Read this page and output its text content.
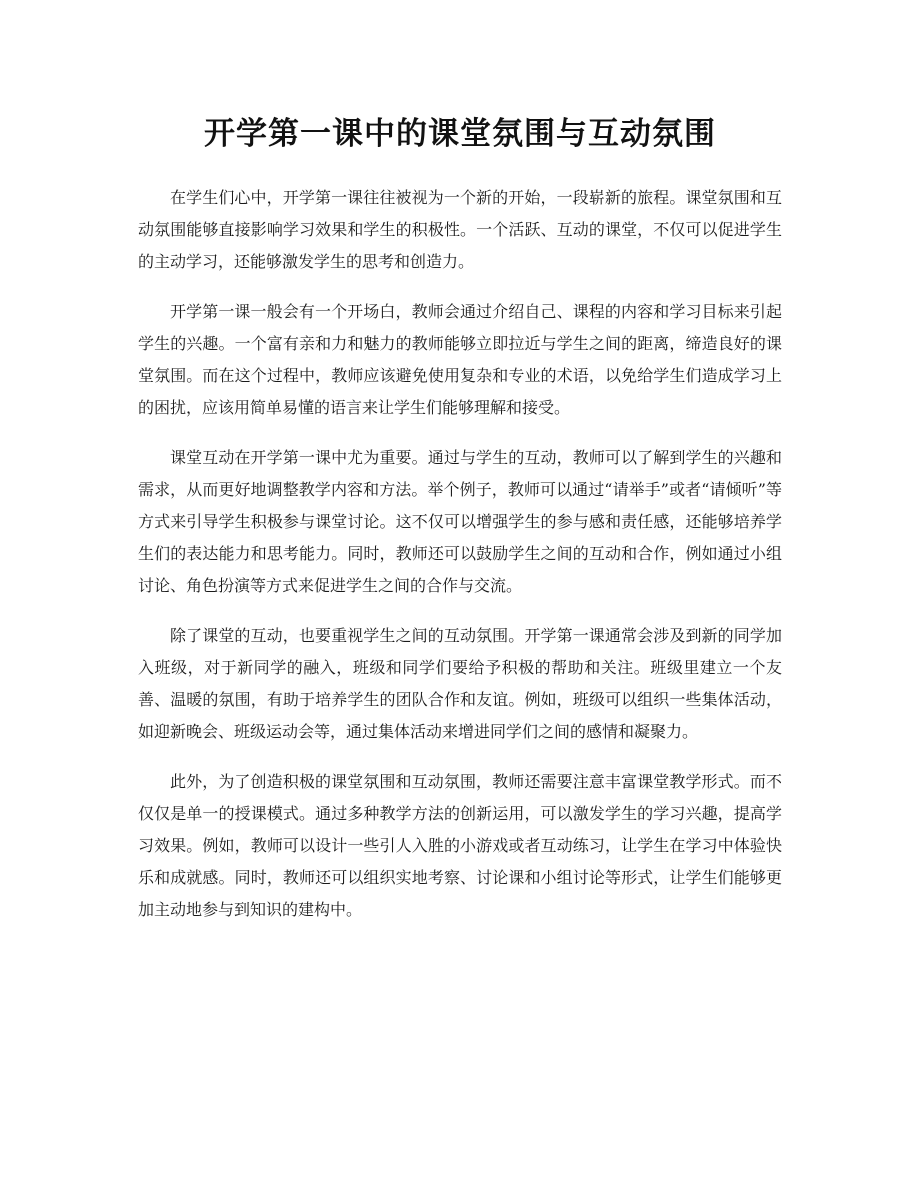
开学第一课中的课堂氛围与互动氛围

在学生们心中，开学第一课往往被视为一个新的开始，一段崭新的旅程。课堂氛围和互动氛围能够直接影响学习效果和学生的积极性。一个活跃、互动的课堂，不仅可以促进学生的主动学习，还能够激发学生的思考和创造力。

开学第一课一般会有一个开场白，教师会通过介绍自己、课程的内容和学习目标来引起学生的兴趣。一个富有亲和力和魅力的教师能够立即拉近与学生之间的距离，缔造良好的课堂氛围。而在这个过程中，教师应该避免使用复杂和专业的术语，以免给学生们造成学习上的困扰，应该用简单易懂的语言来让学生们能够理解和接受。

课堂互动在开学第一课中尤为重要。通过与学生的互动，教师可以了解到学生的兴趣和需求，从而更好地调整教学内容和方法。举个例子，教师可以通过“请举手”或者“请倾听”等方式来引导学生积极参与课堂讨论。这不仅可以增强学生的参与感和责任感，还能够培养学生们的表达能力和思考能力。同时，教师还可以鼓励学生之间的互动和合作，例如通过小组讨论、角色扮演等方式来促进学生之间的合作与交流。

除了课堂的互动，也要重视学生之间的互动氛围。开学第一课通常会涉及到新的同学加入班级，对于新同学的融入，班级和同学们要给予积极的帮助和关注。班级里建立一个友善、温暖的氛围，有助于培养学生的团队合作和友谊。例如，班级可以组织一些集体活动，如迎新晚会、班级运动会等，通过集体活动来增进同学们之间的感情和凝聚力。

此外，为了创造积极的课堂氛围和互动氛围，教师还需要注意丰富课堂教学形式。而不仅仅是单一的授课模式。通过多种教学方法的创新运用，可以激发学生的学习兴趣，提高学习效果。例如，教师可以设计一些引人入胜的小游戏或者互动练习，让学生在学习中体验快乐和成就感。同时，教师还可以组织实地考察、讨论课和小组讨论等形式，让学生们能够更加主动地参与到知识的建构中。
